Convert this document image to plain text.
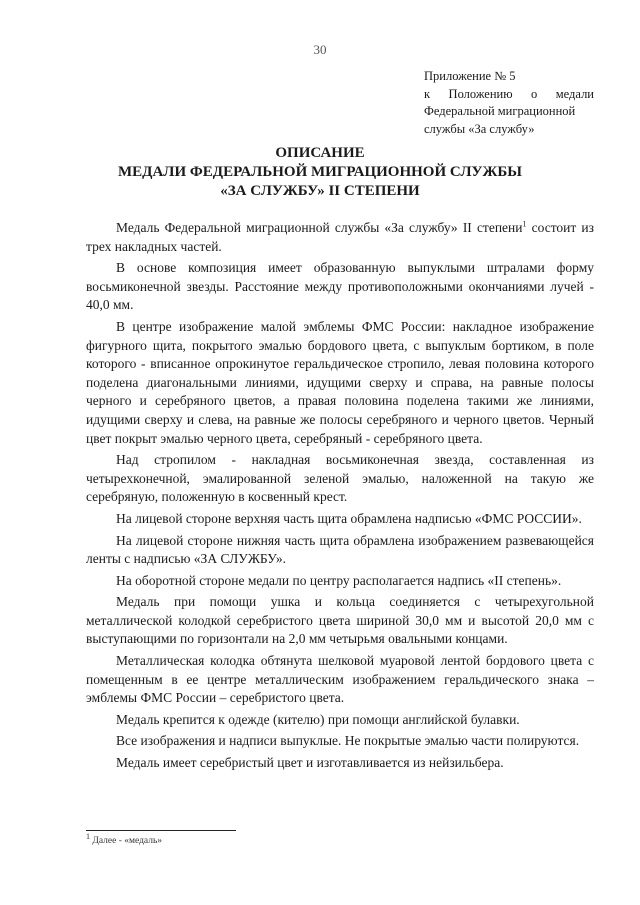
30
Приложение № 5
к Положению о медали
Федеральной миграционной
службы «За службу»
ОПИСАНИЕ
МЕДАЛИ ФЕДЕРАЛЬНОЙ МИГРАЦИОННОЙ СЛУЖБЫ
«ЗА СЛУЖБУ» II СТЕПЕНИ

Медаль Федеральной миграционной службы «За службу» II степени$^1$ состоит из трех накладных частей.

В основе композиция имеет образованную выпуклыми штралами форму восьмиконечной звезды. Расстояние между противоположными окончаниями лучей - 40,0 мм.

В центре изображение малой эмблемы ФМС России: накладное изображение фигурного щита, покрытого эмалью бордового цвета, с выпуклым бортиком, в поле которого - вписанное опрокинутое геральдическое стропило, левая половина которого поделена диагональными линиями, идущими сверху и справа, на равные полосы черного и серебряного цветов, а правая половина поделена такими же линиями, идущими сверху и слева, на равные же полосы серебряного и черного цветов. Черный цвет покрыт эмалью черного цвета, серебряный - серебряного цвета.

Над стропилом - накладная восьмиконечная звезда, составленная из четырехконечной, эмалированной зеленой эмалью, наложенной на такую же серебряную, положенную в косвенный крест.

На лицевой стороне верхняя часть щита обрамлена надписью «ФМС РОССИИ».

На лицевой стороне нижняя часть щита обрамлена изображением развевающейся ленты с надписью «ЗА СЛУЖБУ».

На оборотной стороне медали по центру располагается надпись «II степень».

Медаль при помощи ушка и кольца соединяется с четырехугольной металлической колодкой серебристого цвета шириной 30,0 мм и высотой 20,0 мм с выступающими по горизонтали на 2,0 мм четырьмя овальными концами.

Металлическая колодка обтянута шелковой муаровой лентой бордового цвета с помещенным в ее центре металлическим изображением геральдического знака – эмблемы ФМС России – серебристого цвета.

Медаль крепится к одежде (кителю) при помощи английской булавки.

Все изображения и надписи выпуклые. Не покрытые эмалью части полируются.

Медаль имеет серебристый цвет и изготавливается из нейзильбера.

$^1$ Далее - «медаль»
